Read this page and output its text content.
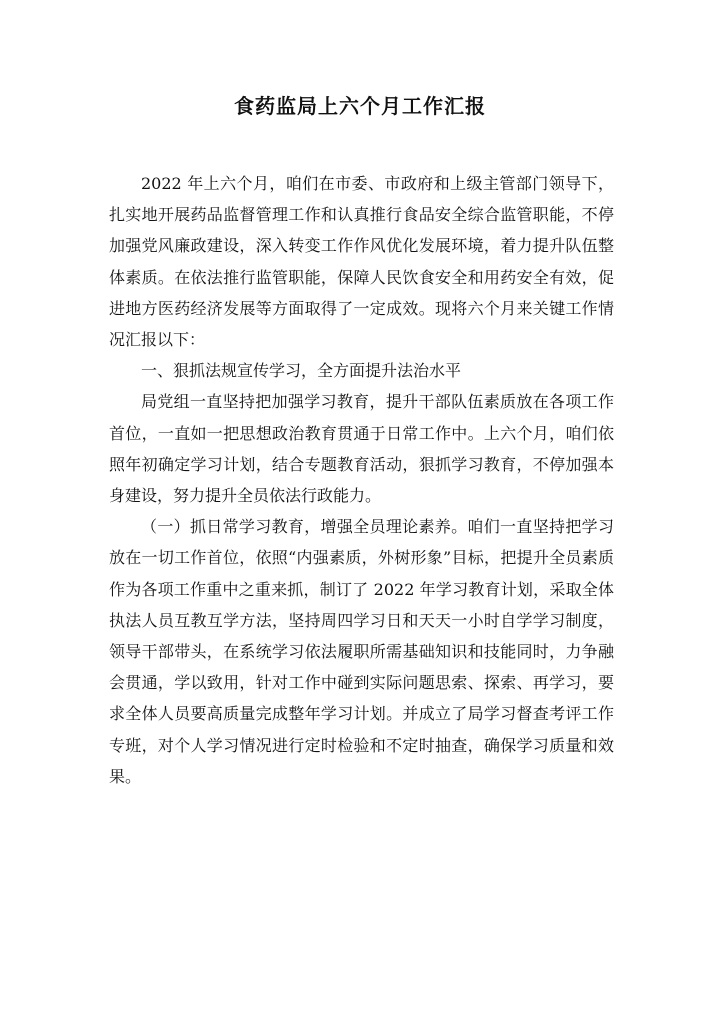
食药监局上六个月工作汇报

2022 年上六个月，咱们在市委、市政府和上级主管部门领导下，扎实地开展药品监督管理工作和认真推行食品安全综合监管职能，不停加强党风廉政建设，深入转变工作作风优化发展环境，着力提升队伍整体素质。在依法推行监管职能，保障人民饮食安全和用药安全有效，促进地方医药经济发展等方面取得了一定成效。现将六个月来关键工作情况汇报以下：

一、狠抓法规宣传学习，全方面提升法治水平

局党组一直坚持把加强学习教育，提升干部队伍素质放在各项工作首位，一直如一把思想政治教育贯通于日常工作中。上六个月，咱们依照年初确定学习计划，结合专题教育活动，狠抓学习教育，不停加强本身建设，努力提升全员依法行政能力。

（一）抓日常学习教育，增强全员理论素养。咱们一直坚持把学习放在一切工作首位，依照“内强素质，外树形象”目标，把提升全员素质作为各项工作重中之重来抓，制订了 2022 年学习教育计划，采取全体执法人员互教互学方法，坚持周四学习日和天天一小时自学学习制度，领导干部带头，在系统学习依法履职所需基础知识和技能同时，力争融会贯通，学以致用，针对工作中碰到实际问题思索、探索、再学习，要求全体人员要高质量完成整年学习计划。并成立了局学习督查考评工作专班，对个人学习情况进行定时检验和不定时抽查，确保学习质量和效果。
